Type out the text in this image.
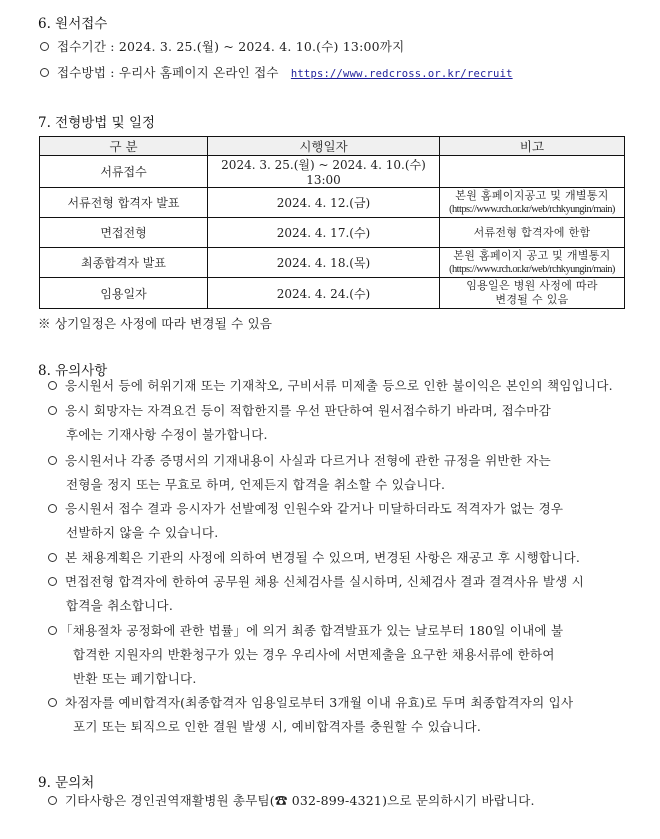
6. 원서접수
접수기간 : 2024. 3. 25.(월) ~ 2024. 4. 10.(수) 13:00까지
접수방법 : 우리사 홈페이지 온라인 접수 https://www.redcross.or.kr/recruit
7. 전형방법 및 일정
구 분	시행일자	비고
서류접수	2024. 3. 25.(월) ~ 2024. 4. 10.(수) 13:00	
서류전형 합격자 발표	2024. 4. 12.(금)	본원 홈페이지공고 및 개별통지
(https://www.rch.or.kr/web/rchkyungin/main)

면접전형	2024. 4. 17.(수)	서류전형 합격자에 한함

최종합격자 발표	2024. 4. 18.(목)	본원 홈페이지 공고 및 개별통지
(https://www.rch.or.kr/web/rchkyungin/main)

임용일자	2024. 4. 24.(수)	임용일은 병원 사정에 따라
변경될 수 있음
※ 상기일정은 사정에 따라 변경될 수 있음
8. 유의사항
응시원서 등에 허위기재 또는 기재착오, 구비서류 미제출 등으로 인한 불이익은 본인의 책임입니다.
응시 회망자는 자격요건 등이 적합한지를 우선 판단하여 원서접수하기 바라며, 접수마감
후에는 기재사항 수정이 불가합니다.
응시원서나 각종 증명서의 기재내용이 사실과 다르거나 전형에 관한 규정을 위반한 자는
전형을 정지 또는 무효로 하며, 언제든지 합격을 취소할 수 있습니다.
응시원서 접수 결과 응시자가 선발예정 인원수와 같거나 미달하더라도 적격자가 없는 경우
선발하지 않을 수 있습니다.
본 채용계획은 기관의 사정에 의하여 변경될 수 있으며, 변경된 사항은 재공고 후 시행합니다.
면접전형 합격자에 한하여 공무원 채용 신체검사를 실시하며, 신체검사 결과 결격사유 발생 시
합격을 취소합니다.
「채용절차 공정화에 관한 법률」에 의거 최종 합격발표가 있는 날로부터 180일 이내에 불
합격한 지원자의 반환청구가 있는 경우 우리사에 서면제출을 요구한 채용서류에 한하여
반환 또는 폐기합니다.
차점자를 예비합격자(최종합격자 임용일로부터 3개월 이내 유효)로 두며 최종합격자의 입사
포기 또는 퇴직으로 인한 결원 발생 시, 예비합격자를 충원할 수 있습니다.
9. 문의처
기타사항은 경인권역재활병원 총무팀(☎ 032-899-4321)으로 문의하시기 바랍니다.
